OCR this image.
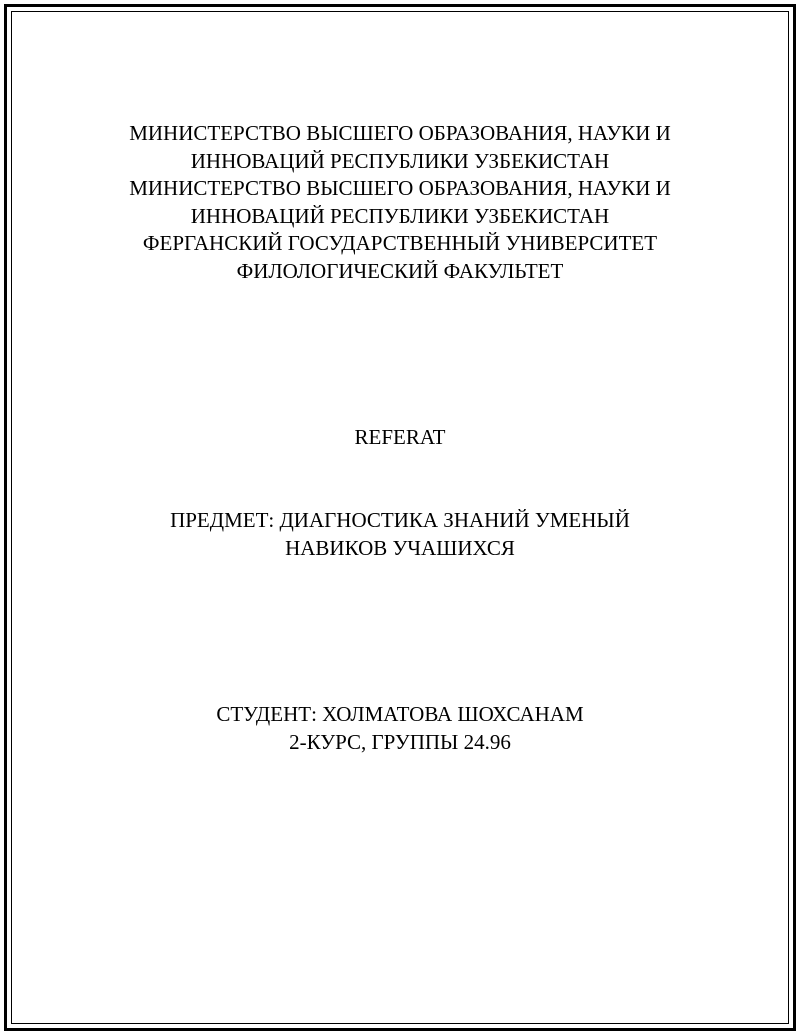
МИНИСТЕРСТВО ВЫСШЕГО ОБРАЗОВАНИЯ, НАУКИ И
ИННОВАЦИЙ РЕСПУБЛИКИ УЗБЕКИСТАН
МИНИСТЕРСТВО ВЫСШЕГО ОБРАЗОВАНИЯ, НАУКИ И
ИННОВАЦИЙ РЕСПУБЛИКИ УЗБЕКИСТАН
ФЕРГАНСКИЙ ГОСУДАРСТВЕННЫЙ УНИВЕРСИТЕТ
ФИЛОЛОГИЧЕСКИЙ ФАКУЛЬТЕТ
REFERAT
ПРЕДМЕТ: ДИАГНОСТИКА ЗНАНИЙ УМЕНЫЙ
НАВИКОВ УЧАШИХСЯ
СТУДЕНТ: ХОЛМАТОВА ШОХСАНАМ
2-КУРС, ГРУППЫ 24.96
